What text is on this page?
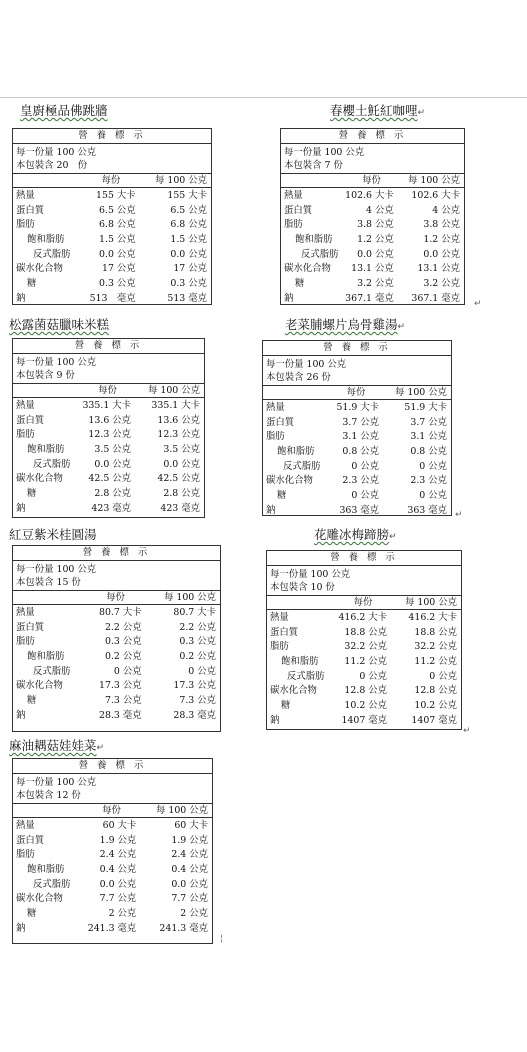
皇廚極品佛跳牆	春櫻土魠紅咖哩↵
松露菌菇臘味米糕	老菜脯螺片烏骨雞湯↵
紅豆紫米桂圓湯	花雕冰梅蹄膀↵
麻油耦菇娃娃菜↵
營 養 標 示
每一份量 100 公克
本包裝含 20　份
每份	每 100 公克
熱量	155 大卡	155 大卡
蛋白質	6.5 公克	6.5 公克
脂肪	6.8 公克	6.8 公克
飽和脂肪	1.5 公克	1.5 公克
反式脂肪	0.0 公克	0.0 公克
碳水化合物	17 公克	17 公克
糖	0.3 公克	0.3 公克
鈉	513　毫克	513 毫克
營 養 標 示
每一份量 100 公克
本包裝含 7 份
每份	每 100 公克
熱量	102.6 大卡	102.6 大卡
蛋白質	4 公克	4 公克
脂肪	3.8 公克	3.8 公克
飽和脂肪	1.2 公克	1.2 公克
反式脂肪	0.0 公克	0.0 公克
碳水化合物	13.1 公克	13.1 公克
糖	3.2 公克	3.2 公克
鈉	367.1 毫克	367.1 毫克
營 養 標 示
每一份量 100 公克
本包裝含 9 份
每份	每 100 公克
熱量	335.1 大卡	335.1 大卡
蛋白質	13.6 公克	13.6 公克
脂肪	12.3 公克	12.3 公克
飽和脂肪	3.5 公克	3.5 公克
反式脂肪	0.0 公克	0.0 公克
碳水化合物	42.5 公克	42.5 公克
糖	2.8 公克	2.8 公克
鈉	423 毫克	423 毫克
營 養 標 示
每一份量 100 公克
本包裝含 26 份
每份	每 100 公克
熱量	51.9 大卡	51.9 大卡
蛋白質	3.7 公克	3.7 公克
脂肪	3.1 公克	3.1 公克
飽和脂肪	0.8 公克	0.8 公克
反式脂肪	0 公克	0 公克
碳水化合物	2.3 公克	2.3 公克
糖	0 公克	0 公克
鈉	363 毫克	363 毫克
營 養 標 示
每一份量 100 公克
本包裝含 15 份
每份	每 100 公克
熱量	80.7 大卡	80.7 大卡
蛋白質	2.2 公克	2.2 公克
脂肪	0.3 公克	0.3 公克
飽和脂肪	0.2 公克	0.2 公克
反式脂肪	0 公克	0 公克
碳水化合物	17.3 公克	17.3 公克
糖	7.3 公克	7.3 公克
鈉	28.3 毫克	28.3 毫克
營 養 標 示
每一份量 100 公克
本包裝含 10 份
每份	每 100 公克
熱量	416.2 大卡	416.2 大卡
蛋白質	18.8 公克	18.8 公克
脂肪	32.2 公克	32.2 公克
飽和脂肪	11.2 公克	11.2 公克
反式脂肪	0 公克	0 公克
碳水化合物	12.8 公克	12.8 公克
糖	10.2 公克	10.2 公克
鈉	1407 毫克	1407 毫克
營 養 標 示
每一份量 100 公克
本包裝含 12 份
每份	每 100 公克
熱量	60 大卡	60 大卡
蛋白質	1.9 公克	1.9 公克
脂肪	2.4 公克	2.4 公克
飽和脂肪	0.4 公克	0.4 公克
反式脂肪	0.0 公克	0.0 公克
碳水化合物	7.7 公克	7.7 公克
糖	2 公克	2 公克
鈉	241.3 毫克	241.3 毫克
↵
↵
↵
¦
